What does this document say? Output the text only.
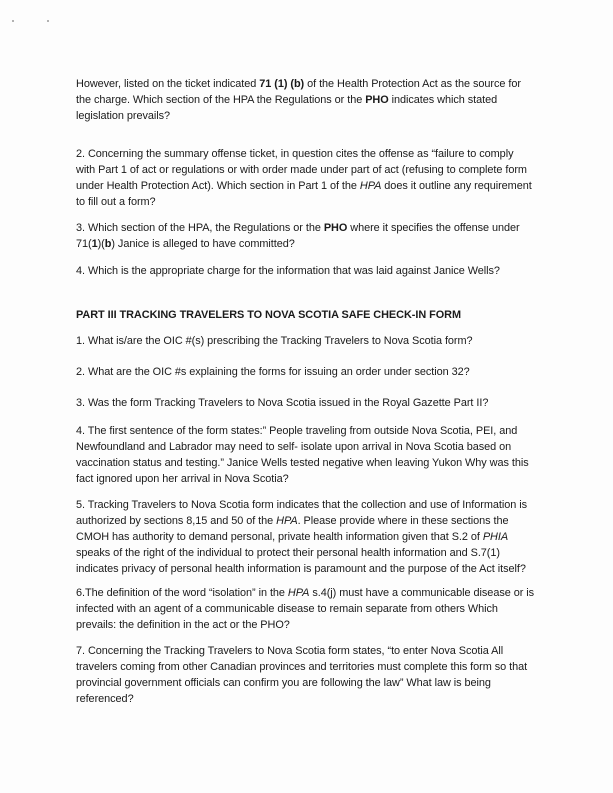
However, listed on the ticket indicated 71 (1) (b) of the Health Protection Act as the source for
the charge. Which section of the HPA the Regulations or the PHO indicates which stated
legislation prevails?
2. Concerning the summary offense ticket, in question cites the offense as “failure to comply
with Part 1 of act or regulations or with order made under part of act (refusing to complete form
under Health Protection Act). Which section in Part 1 of the HPA does it outline any requirement
to fill out a form?
3. Which section of the HPA, the Regulations or the PHO where it specifies the offense under
71(1)(b) Janice is alleged to have committed?
4. Which is the appropriate charge for the information that was laid against Janice Wells?
PART III TRACKING TRAVELERS TO NOVA SCOTIA SAFE CHECK-IN FORM
1. What is/are the OIC #(s) prescribing the Tracking Travelers to Nova Scotia form?
2. What are the OIC #s explaining the forms for issuing an order under section 32?
3. Was the form Tracking Travelers to Nova Scotia issued in the Royal Gazette Part II?
4. The first sentence of the form states:” People traveling from outside Nova Scotia, PEI, and
Newfoundland and Labrador may need to self- isolate upon arrival in Nova Scotia based on
vaccination status and testing.” Janice Wells tested negative when leaving Yukon Why was this
fact ignored upon her arrival in Nova Scotia?
5. Tracking Travelers to Nova Scotia form indicates that the collection and use of Information is
authorized by sections 8,15 and 50 of the HPA. Please provide where in these sections the
CMOH has authority to demand personal, private health information given that S.2 of PHIA
speaks of the right of the individual to protect their personal health information and S.7(1)
indicates privacy of personal health information is paramount and the purpose of the Act itself?
6.The definition of the word “isolation” in the HPA s.4(j) must have a communicable disease or is
infected with an agent of a communicable disease to remain separate from others Which
prevails: the definition in the act or the PHO?
7. Concerning the Tracking Travelers to Nova Scotia form states, “to enter Nova Scotia All
travelers coming from other Canadian provinces and territories must complete this form so that
provincial government officials can confirm you are following the law” What law is being
referenced?
